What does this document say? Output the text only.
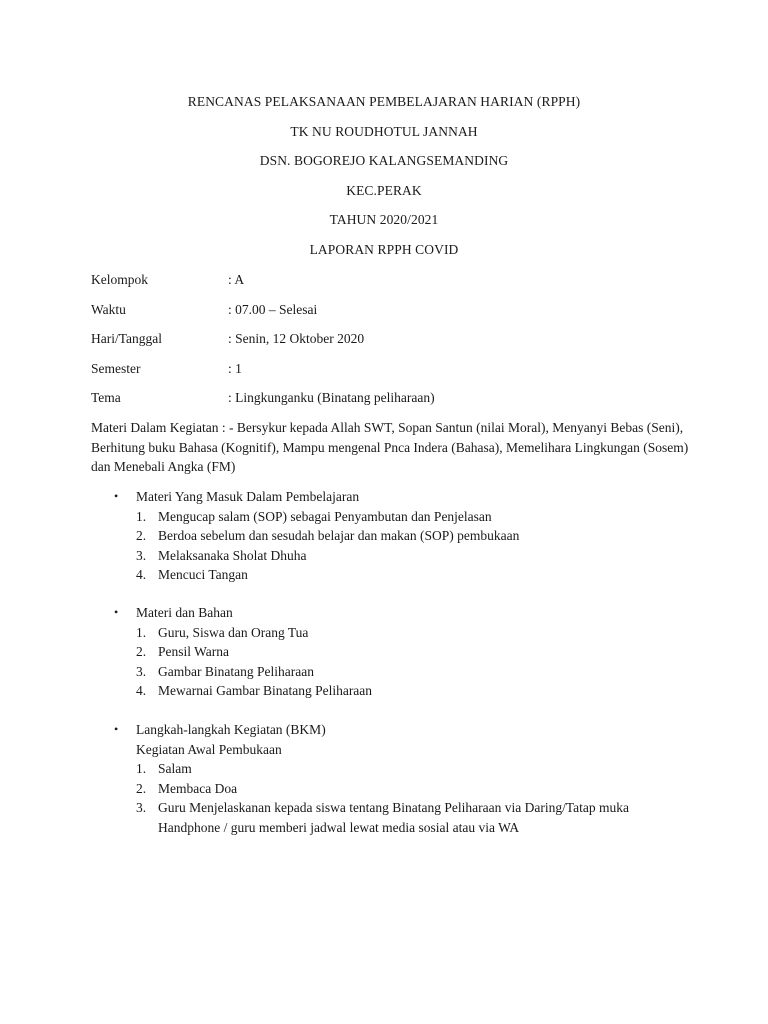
RENCANAS PELAKSANAAN PEMBELAJARAN HARIAN (RPPH)
TK NU ROUDHOTUL JANNAH
DSN. BOGOREJO KALANGSEMANDING
KEC.PERAK
TAHUN 2020/2021
LAPORAN RPPH COVID
Kelompok	: A
Waktu	: 07.00 – Selesai
Hari/Tanggal	: Senin, 12 Oktober 2020
Semester	: 1
Tema	: Lingkunganku (Binatang peliharaan)
Materi Dalam Kegiatan : - Bersykur kepada Allah SWT, Sopan Santun (nilai Moral), Menyanyi Bebas (Seni), Berhitung buku Bahasa (Kognitif), Mampu mengenal Pnca Indera (Bahasa), Memelihara Lingkungan (Sosem) dan Menebali Angka (FM)
•	Materi Yang Masuk Dalam Pembelajaran
1. Mengucap salam (SOP) sebagai Penyambutan dan Penjelasan
2. Berdoa sebelum dan sesudah belajar dan makan (SOP) pembukaan
3. Melaksanaka Sholat Dhuha
4. Mencuci Tangan
•	Materi dan Bahan
1. Guru, Siswa dan Orang Tua
2. Pensil Warna
3. Gambar Binatang Peliharaan
4. Mewarnai Gambar Binatang Peliharaan
•	Langkah-langkah Kegiatan (BKM)
Kegiatan Awal Pembukaan
1. Salam
2. Membaca Doa
3. Guru Menjelaskanan kepada siswa tentang Binatang Peliharaan via Daring/Tatap muka Handphone / guru memberi jadwal lewat media sosial atau via WA
